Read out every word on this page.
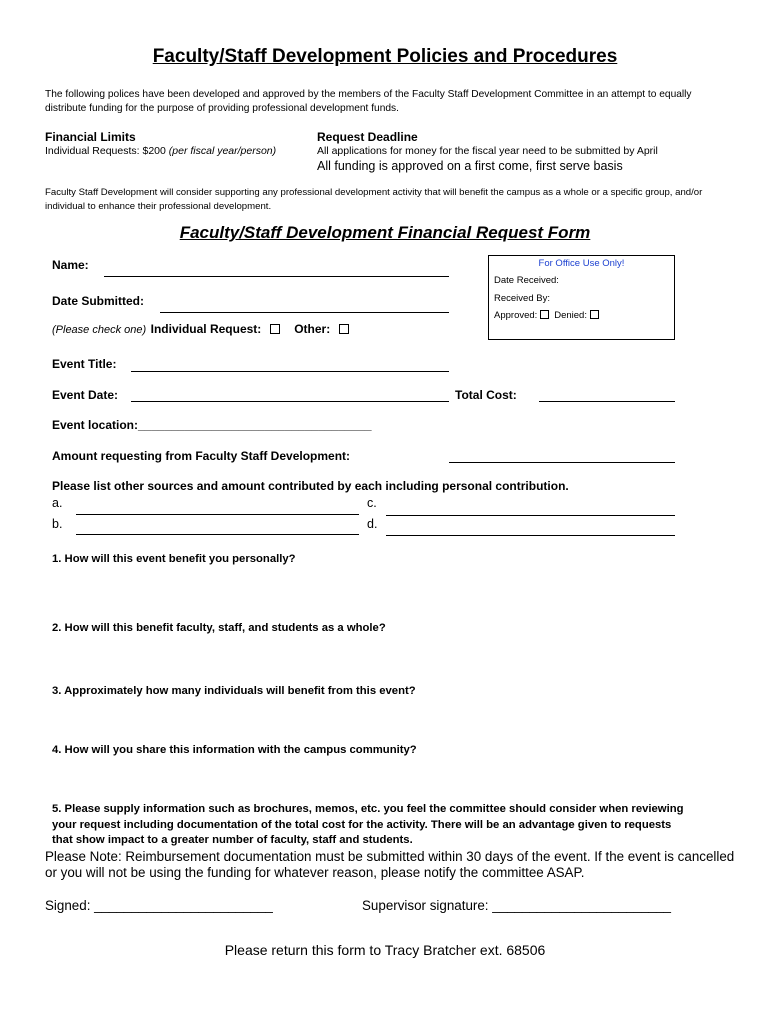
Faculty/Staff Development Policies and Procedures
The following polices have been developed and approved by the members of the Faculty Staff Development Committee in an attempt to equally distribute funding for the purpose of providing professional development funds.
Financial Limits
Individual Requests: $200 (per fiscal year/person)
Request Deadline
All applications for money for the fiscal year need to be submitted by April
All funding is approved on a first come, first serve basis
Faculty Staff Development will consider supporting any professional development activity that will benefit the campus as a whole or a specific group, and/or individual to enhance their professional development.
Faculty/Staff Development Financial Request Form
For Office Use Only!
Date Received:
Received By:
Approved: Denied:
Name:
Date Submitted:
(Please check one) Individual Request:	Other:
Event Title:
Event Date:	Total Cost:
Event location:___________________________________
Amount requesting from Faculty Staff Development:
Please list other sources and amount contributed by each including personal contribution.
a.	c.
b.	d.
1. How will this event benefit you personally?
2. How will this benefit faculty, staff, and students as a whole?
3. Approximately how many individuals will benefit from this event?
4. How will you share this information with the campus community?
5. Please supply information such as brochures, memos, etc. you feel the committee should consider when reviewing your request including documentation of the total cost for the activity. There will be an advantage given to requests that show impact to a greater number of faculty, staff and students.
Please Note: Reimbursement documentation must be submitted within 30 days of the event. If the event is cancelled or you will not be using the funding for whatever reason, please notify the committee ASAP.
Signed: ________________________	Supervisor signature: ________________________
Please return this form to Tracy Bratcher ext. 68506
